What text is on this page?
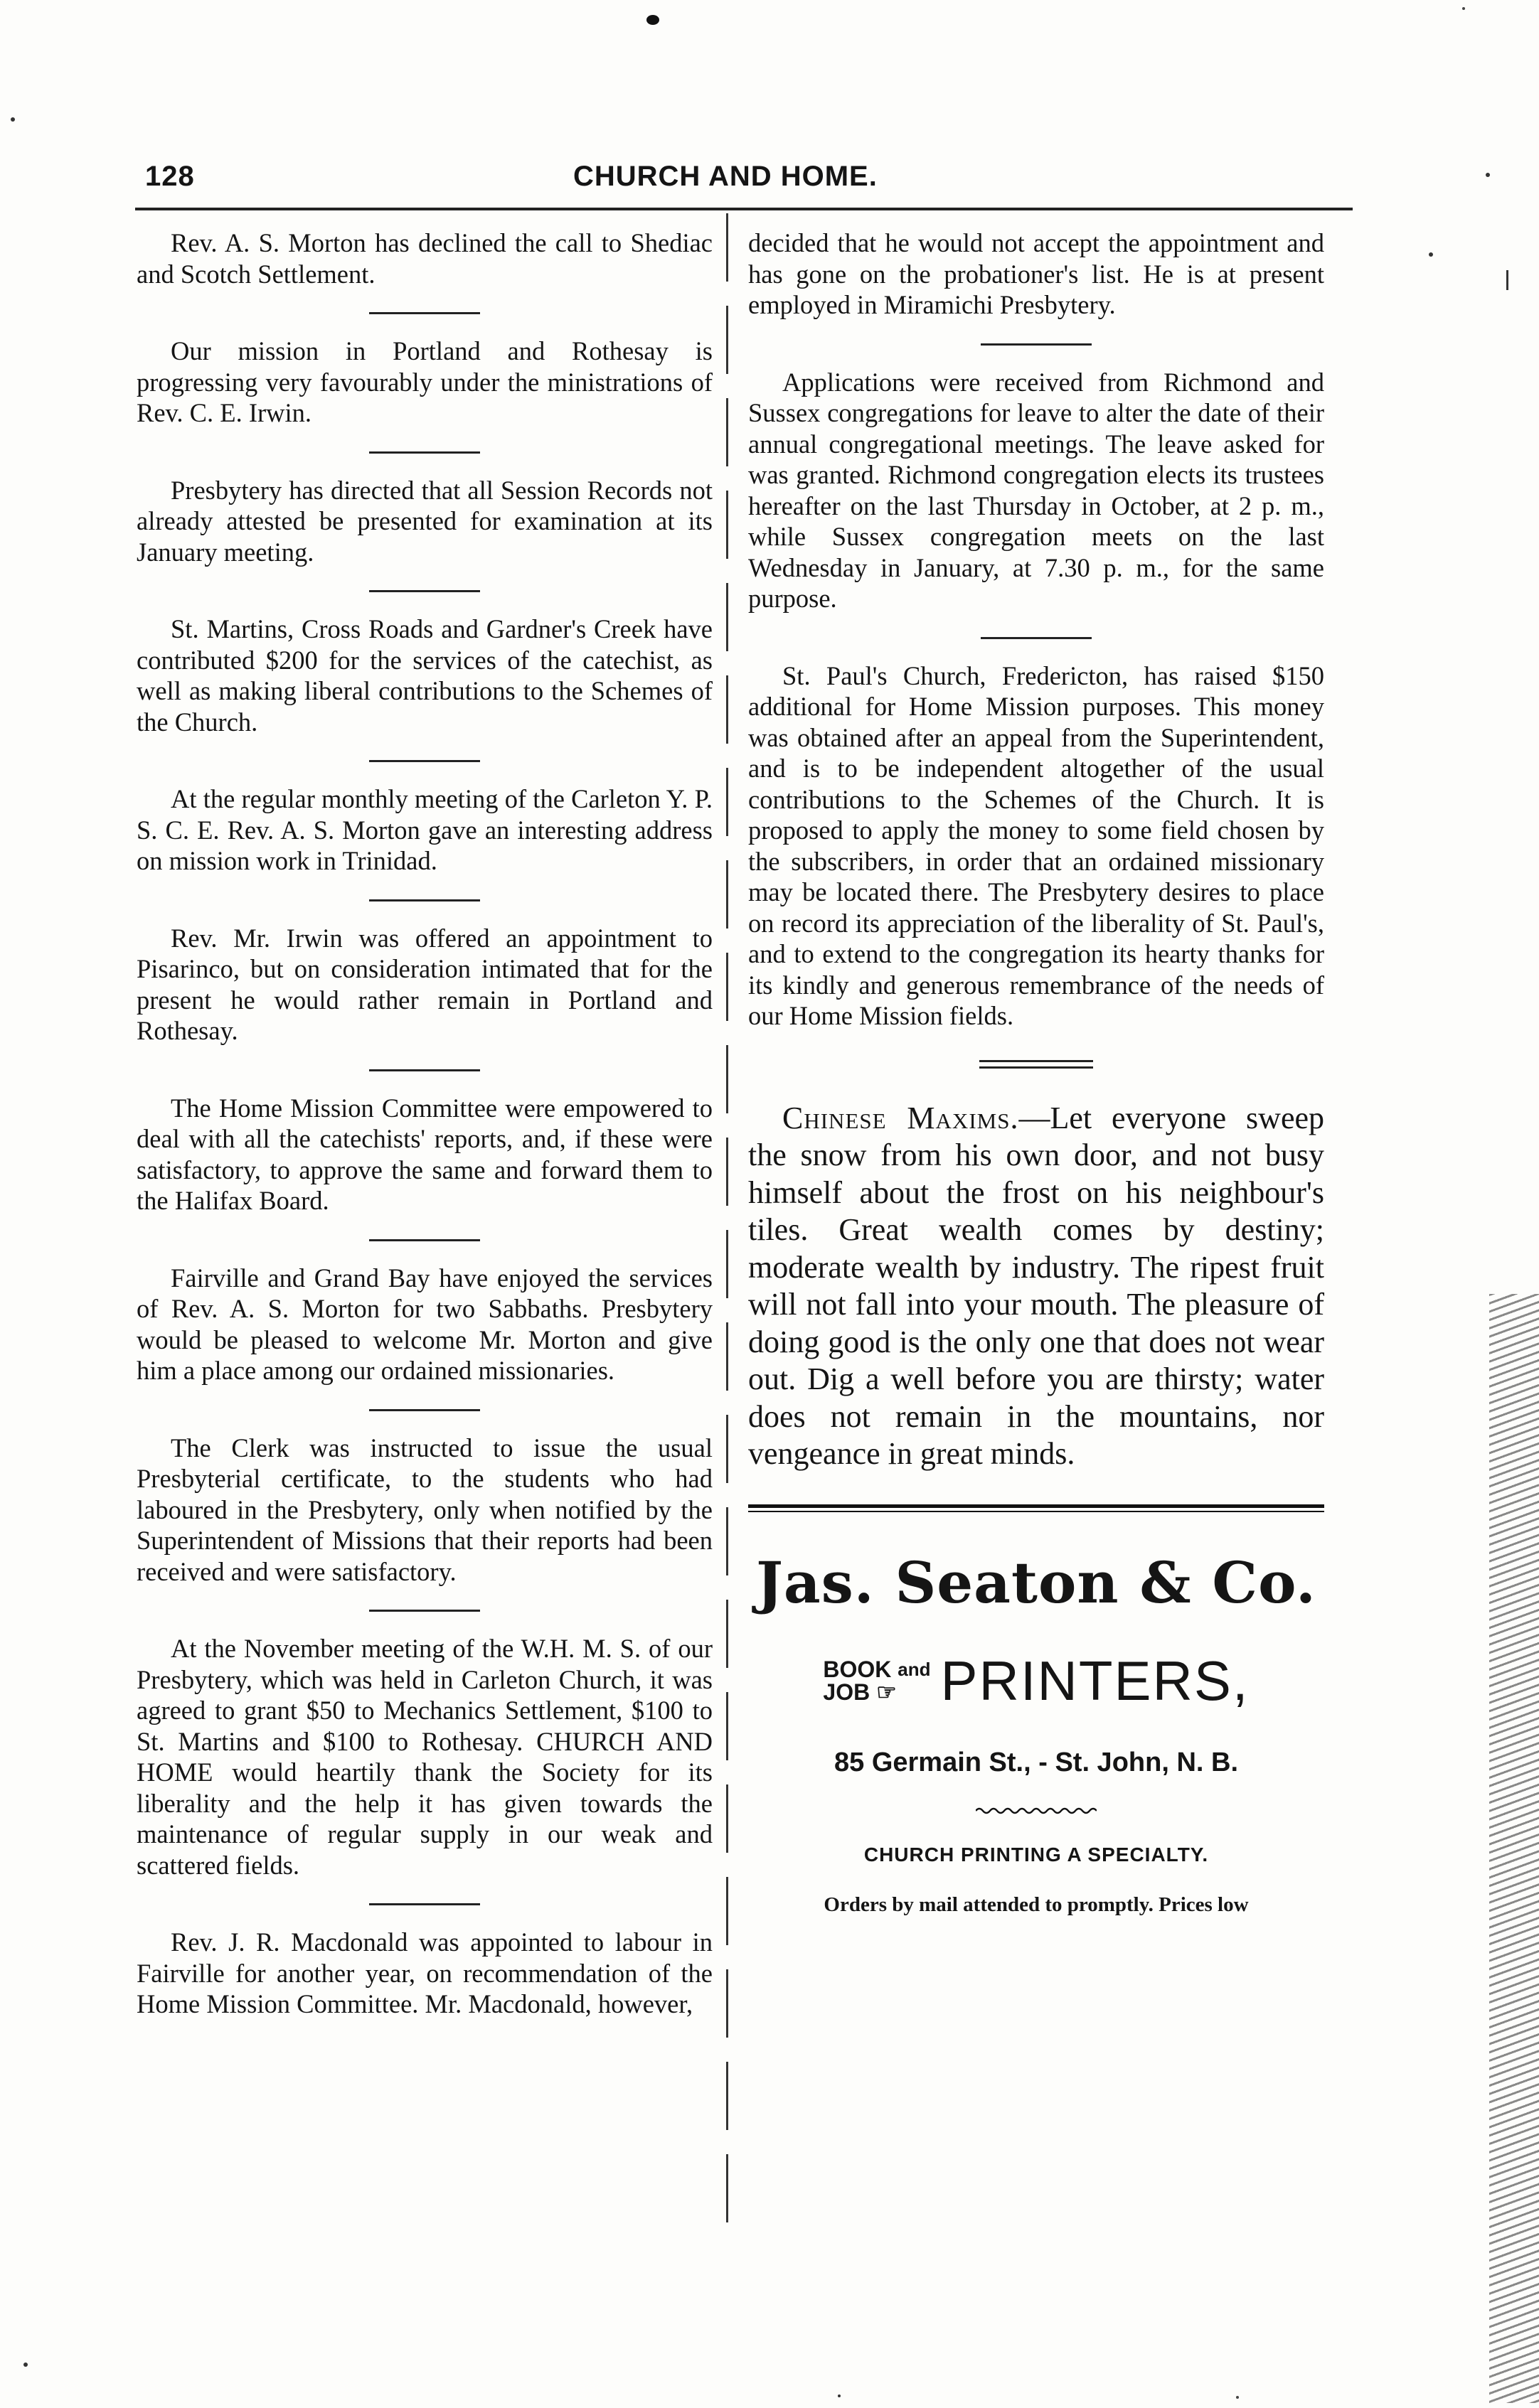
128	CHURCH AND HOME.

Rev. A. S. Morton has declined the call to Shediac and Scotch Settlement.

Our mission in Portland and Rothesay is progressing very favourably under the ministrations of Rev. C. E. Irwin.

Presbytery has directed that all Session Records not already attested be presented for examination at its January meeting.

St. Martins, Cross Roads and Gardner's Creek have contributed $200 for the services of the catechist, as well as making liberal contributions to the Schemes of the Church.

At the regular monthly meeting of the Carleton Y. P. S. C. E. Rev. A. S. Morton gave an interesting address on mission work in Trinidad.

Rev. Mr. Irwin was offered an appointment to Pisarinco, but on consideration intimated that for the present he would rather remain in Portland and Rothesay.

The Home Mission Committee were empowered to deal with all the catechists' reports, and, if these were satisfactory, to approve the same and forward them to the Halifax Board.

Fairville and Grand Bay have enjoyed the services of Rev. A. S. Morton for two Sabbaths. Presbytery would be pleased to welcome Mr. Morton and give him a place among our ordained missionaries.

The Clerk was instructed to issue the usual Presbyterial certificate, to the students who had laboured in the Presbytery, only when notified by the Superintendent of Missions that their reports had been received and were satisfactory.

At the November meeting of the W.H. M. S. of our Presbytery, which was held in Carleton Church, it was agreed to grant $50 to Mechanics Settlement, $100 to St. Martins and $100 to Rothesay. CHURCH AND HOME would heartily thank the Society for its liberality and the help it has given towards the maintenance of regular supply in our weak and scattered fields.

Rev. J. R. Macdonald was appointed to labour in Fairville for another year, on recommendation of the Home Mission Committee. Mr. Macdonald, however,

decided that he would not accept the appointment and has gone on the probationer's list. He is at present employed in Miramichi Presbytery.

Applications were received from Richmond and Sussex congregations for leave to alter the date of their annual congregational meetings. The leave asked for was granted. Richmond congregation elects its trustees hereafter on the last Thursday in October, at 2 p. m., while Sussex congregation meets on the last Wednesday in January, at 7.30 p. m., for the same purpose.

St. Paul's Church, Fredericton, has raised $150 additional for Home Mission purposes. This money was obtained after an appeal from the Superintendent, and is to be independent altogether of the usual contributions to the Schemes of the Church. It is proposed to apply the money to some field chosen by the subscribers, in order that an ordained missionary may be located there. The Presbytery desires to place on record its appreciation of the liberality of St. Paul's, and to extend to the congregation its hearty thanks for its kindly and generous remembrance of the needs of our Home Mission fields.

Chinese Maxims.—Let everyone sweep the snow from his own door, and not busy himself about the frost on his neighbour's tiles. Great wealth comes by destiny; moderate wealth by industry. The ripest fruit will not fall into your mouth. The pleasure of doing good is the only one that does not wear out. Dig a well before you are thirsty; water does not remain in the mountains, nor vengeance in great minds.

Jas. Seaton & Co.
BOOK $^{and}$
JOB ☞ PRINTERS,
85 Germain St., - St. John, N. B.
CHURCH PRINTING A SPECIALTY.

Orders by mail attended to promptly. Prices low
